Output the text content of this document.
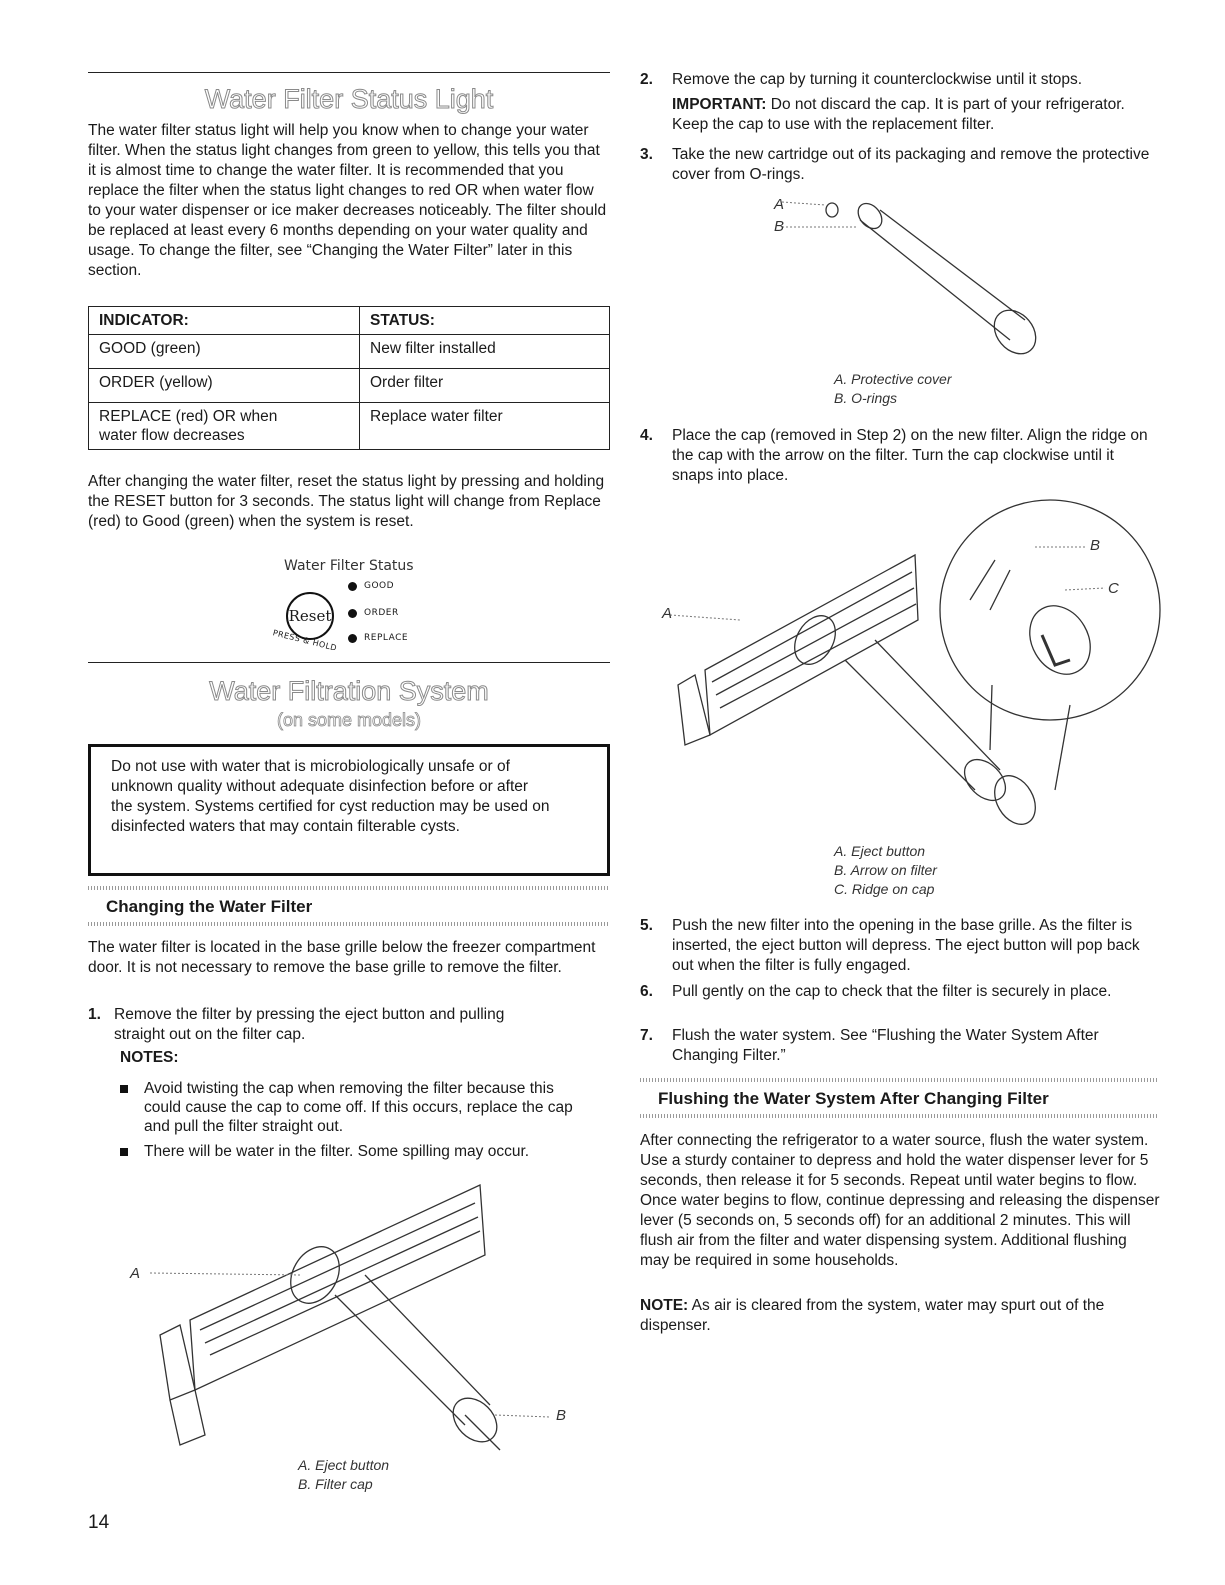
Water Filter Status Light

The water filter status light will help you know when to change your water filter. When the status light changes from green to yellow, this tells you that it is almost time to change the water filter. It is recommended that you replace the filter when the status light changes to red OR when water flow to your water dispenser or ice maker decreases noticeably. The filter should be replaced at least every 6 months depending on your water quality and usage. To change the filter, see “Changing the Water Filter” later in this section.

INDICATOR:	STATUS:
GOOD (green)	New filter installed
ORDER (yellow)	Order filter
REPLACE (red) OR when water flow decreases	Replace water filter

After changing the water filter, reset the status light by pressing and holding the RESET button for 3 seconds. The status light will change from Replace (red) to Good (green) when the system is reset.

Water Filter Status
Reset
PRESS & HOLD
GOOD
ORDER
REPLACE
Water Filtration System
(on some models)

Do not use with water that is microbiologically unsafe or of unknown quality without adequate disinfection before or after the system. Systems certified for cyst reduction may be used on disinfected waters that may contain filterable cysts.

Changing the Water Filter

The water filter is located in the base grille below the freezer compartment door. It is not necessary to remove the base grille to remove the filter.

1. Remove the filter by pressing the eject button and pulling straight out on the filter cap.
NOTES:
Avoid twisting the cap when removing the filter because this could cause the cap to come off. If this occurs, replace the cap and pull the filter straight out.
There will be water in the filter. Some spilling may occur.
A
B
A. Eject button
B. Filter cap
14
2.	Remove the cap by turning it counterclockwise until it stops.

IMPORTANT: Do not discard the cap. It is part of your refrigerator. Keep the cap to use with the replacement filter.

3.	Take the new cartridge out of its packaging and remove the protective cover from O-rings.
A
B
A. Protective cover
B. O-rings
4.	Place the cap (removed in Step 2) on the new filter. Align the ridge on the cap with the arrow on the filter. Turn the cap clockwise until it snaps into place.
A
B
C
A. Eject button
B. Arrow on filter
C. Ridge on cap
5.	Push the new filter into the opening in the base grille. As the filter is inserted, the eject button will depress. The eject button will pop back out when the filter is fully engaged.
6.	Pull gently on the cap to check that the filter is securely in place.
7.	Flush the water system. See “Flushing the Water System After Changing Filter.”
Flushing the Water System After Changing Filter

After connecting the refrigerator to a water source, flush the water system. Use a sturdy container to depress and hold the water dispenser lever for 5 seconds, then release it for 5 seconds. Repeat until water begins to flow. Once water begins to flow, continue depressing and releasing the dispenser lever (5 seconds on, 5 seconds off) for an additional 2 minutes. This will flush air from the filter and water dispensing system. Additional flushing may be required in some households.

NOTE: As air is cleared from the system, water may spurt out of the dispenser.
